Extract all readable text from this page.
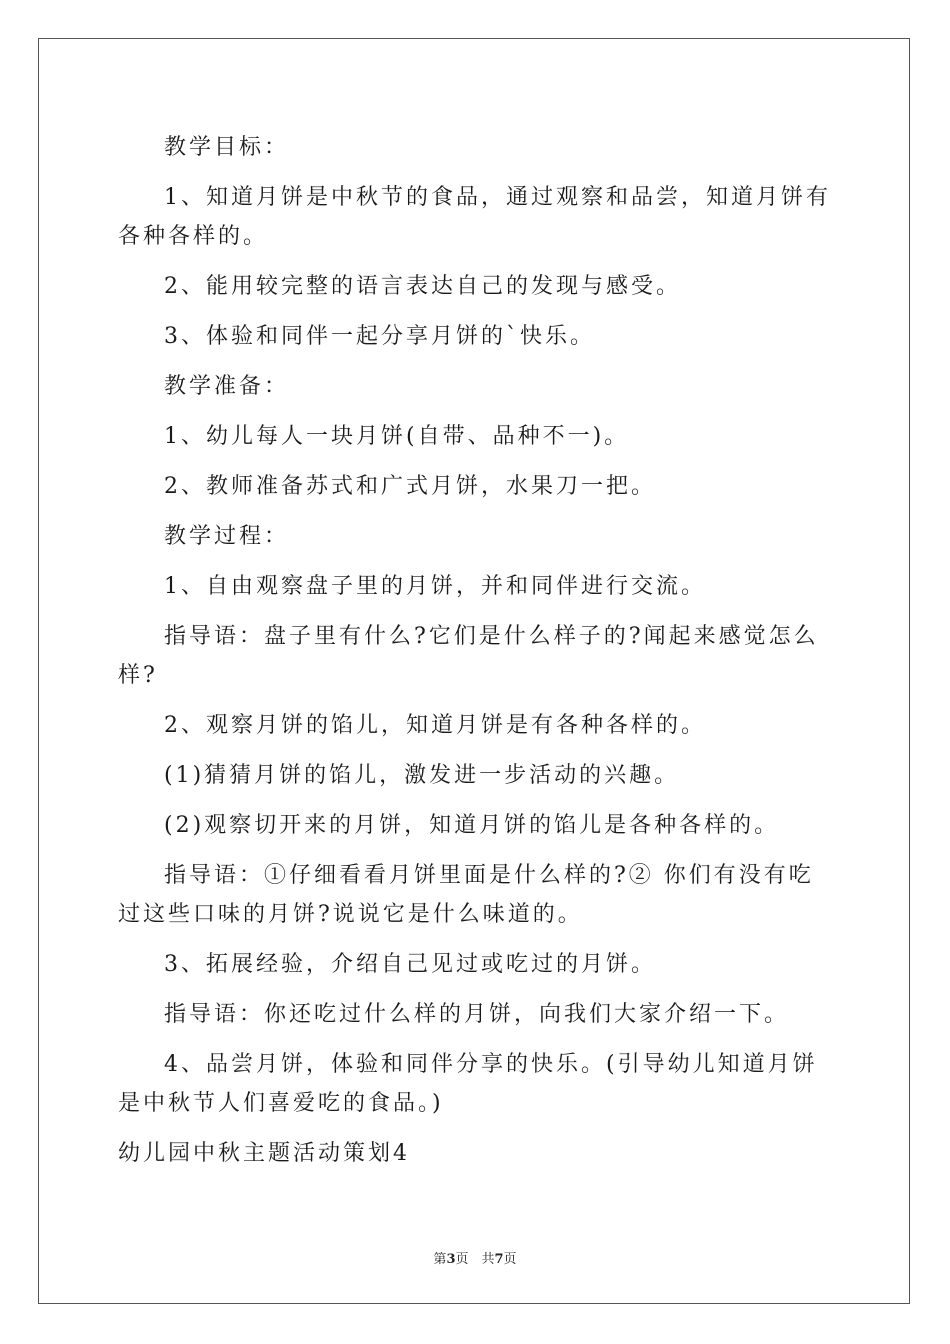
教学目标：

1、知道月饼是中秋节的食品，通过观察和品尝，知道月饼有各种各样的。

2、能用较完整的语言表达自己的发现与感受。

3、体验和同伴一起分享月饼的`快乐。

教学准备：

1、幼儿每人一块月饼(自带、品种不一)。

2、教师准备苏式和广式月饼，水果刀一把。

教学过程：

1、自由观察盘子里的月饼，并和同伴进行交流。

指导语：盘子里有什么?它们是什么样子的?闻起来感觉怎么样?

2、观察月饼的馅儿，知道月饼是有各种各样的。

(1)猜猜月饼的馅儿，激发进一步活动的兴趣。

(2)观察切开来的月饼，知道月饼的馅儿是各种各样的。

指导语：①仔细看看月饼里面是什么样的?② 你们有没有吃过这些口味的月饼?说说它是什么味道的。

3、拓展经验，介绍自己见过或吃过的月饼。

指导语：你还吃过什么样的月饼，向我们大家介绍一下。

4、品尝月饼，体验和同伴分享的快乐。(引导幼儿知道月饼是中秋节人们喜爱吃的食品。)

幼儿园中秋主题活动策划4

第3页　共7页
